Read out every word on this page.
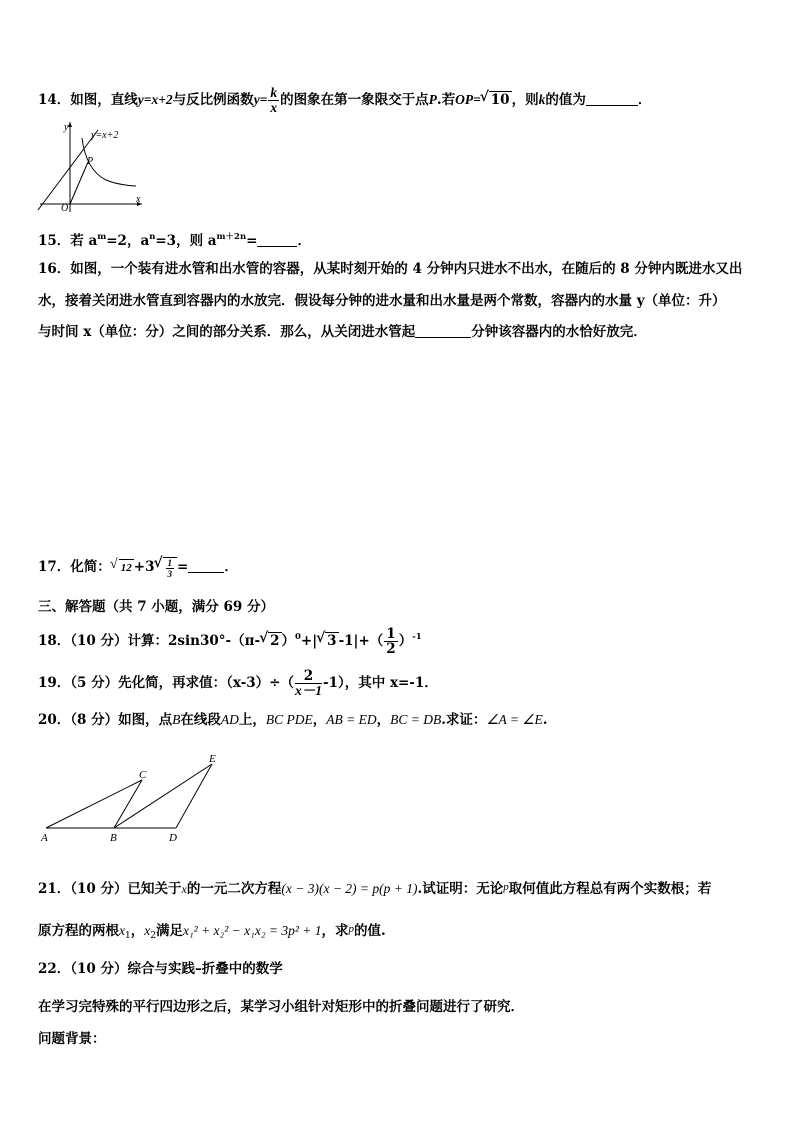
14．如图，直线y=x+2与反比例函数$y= \frac{k}{x}$ 的图象在第一象限交于点P.若OP= √ 10 ，则k的值为	．
y
x
O
P
y=x+2
15．若 $a^m=2$，$a^n=3$，则 $a^{m+2n}=$	．
16．如图，一个装有进水管和出水管的容器，从某时刻开始的 4 分钟内只进水不出水，在随后的 8 分钟内既进水又出
水，接着关闭进水管直到容器内的水放完．假设每分钟的进水量和出水量是两个常数，容器内的水量 y（单位：升）
与时间 x（单位：分）之间的部分关系．那么，从关闭进水管起	分钟该容器内的水恰好放完．
17．化简： √ 12 +3 √ $\frac{1}{3}$ =	．
三、解答题（共 7 小题，满分 69 分）
18．（10 分）计算：2sin30°-（π- √ 2 ）$^0$+| √ 3 $-1|+( \frac{1}{2} )^{-1}$
19．（5 分）先化简，再求值：$(x-3)\div( \frac{2}{x-1} -1)$，其中 x=-1．
20．（8 分）如图，点B在线段AD上，BC PDE，AB = ED，BC = DB.求证：∠A = ∠E.
A	B
C
D
E
21．（10 分）已知关于x的一元二次方程(x − 3)(x − 2) = p(p + 1).试证明：无论$^p$取何值此方程总有两个实数根；若
原方程的两根$x_1$，$x_2$满足x₁² + x₂² − x₁x₂ = 3p² + 1，求$^p$的值.
22．（10 分）综合与实践–折叠中的数学
在学习完特殊的平行四边形之后，某学习小组针对矩形中的折叠问题进行了研究．
问题背景：
